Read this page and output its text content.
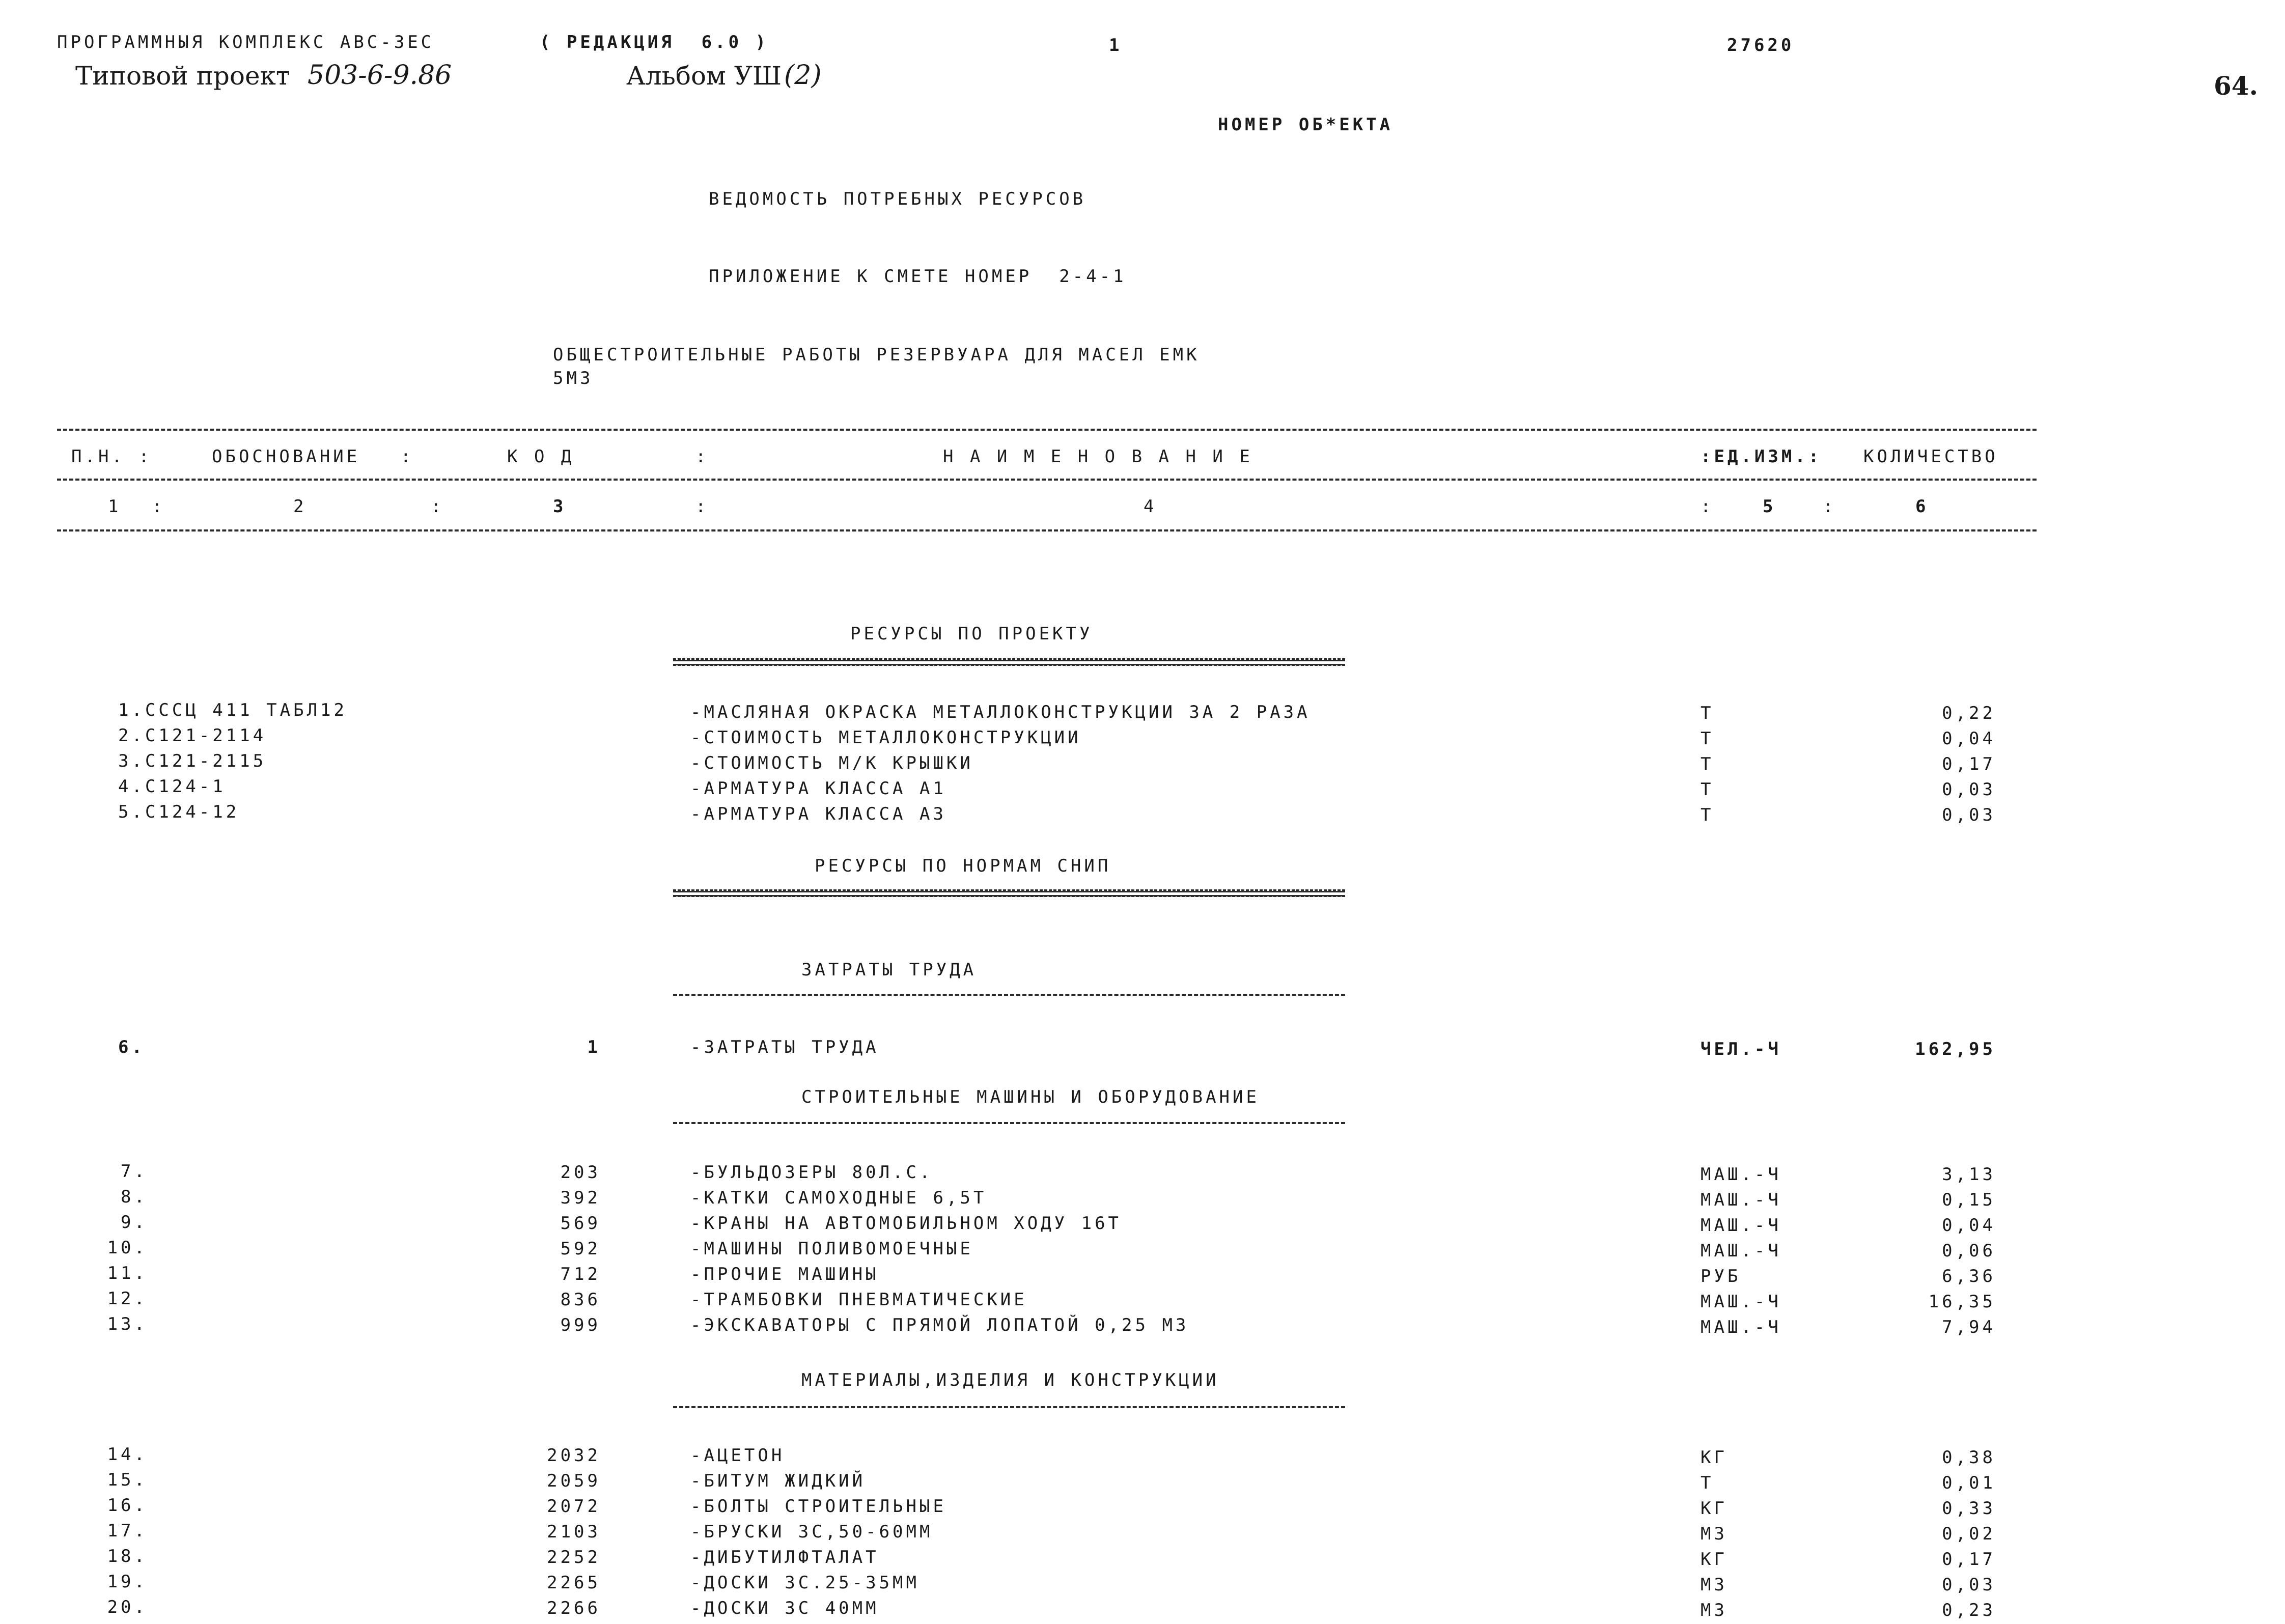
ПРОГРАММНЫЯ КОМПЛЕКС АВС-3ЕС	( РЕДАКЦИЯ  6.0 )	1	27620
64.
Типовой проект 503-6-9.86	Альбом УШ (2)
НОМЕР ОБ*ЕКТА
ВЕДОМОСТЬ ПОТРЕБНЫХ РЕСУРСОВ
ПРИЛОЖЕНИЕ К СМЕТЕ НОМЕР  2-4-1
ОБЩЕСТРОИТЕЛЬНЫЕ РАБОТЫ РЕЗЕРВУАРА ДЛЯ МАСЕЛ ЕМК
5М3
П.Н. :	ОБОСНОВАНИЕ   :	К О Д	:	Н А И М Е Н О В А Н И Е	:ЕД.ИЗМ.: КОЛИЧЕСТВО
1 :	2	:	3	:	4	:	5	:	6
РЕСУРСЫ ПО ПРОЕКТУ
1.СССЦ 411 ТАБЛ12	-МАСЛЯНАЯ ОКРАСКА МЕТАЛЛОКОНСТРУКЦИИ ЗА 2 РАЗА	Т	0,22
2.С121-2114	-СТОИМОСТЬ МЕТАЛЛОКОНСТРУКЦИИ	Т	0,04
3.С121-2115	-СТОИМОСТЬ М/К КРЫШКИ	Т	0,17
4.С124-1	-АРМАТУРА КЛАССА А1	Т	0,03
5.С124-12	-АРМАТУРА КЛАССА А3	Т	0,03
РЕСУРСЫ ПО НОРМАМ СНИП
ЗАТРАТЫ ТРУДА
6.	1	-ЗАТРАТЫ ТРУДА	ЧЕЛ.-Ч	162,95
СТРОИТЕЛЬНЫЕ МАШИНЫ И ОБОРУДОВАНИЕ
7.	203	-БУЛЬДОЗЕРЫ 80Л.С.	МАШ.-Ч	3,13
8.	392	-КАТКИ САМОХОДНЫЕ 6,5Т	МАШ.-Ч	0,15
9.	569	-КРАНЫ НА АВТОМОБИЛЬНОМ ХОДУ 16Т	МАШ.-Ч	0,04
10.	592	-МАШИНЫ ПОЛИВОМОЕЧНЫЕ	МАШ.-Ч	0,06
11.	712	-ПРОЧИЕ МАШИНЫ	РУБ	6,36
12.	836	-ТРАМБОВКИ ПНЕВМАТИЧЕСКИЕ	МАШ.-Ч	16,35
13.	999	-ЭКСКАВАТОРЫ С ПРЯМОЙ ЛОПАТОЙ 0,25 М3	МАШ.-Ч	7,94
МАТЕРИАЛЫ,ИЗДЕЛИЯ И КОНСТРУКЦИИ
14.	2032	-АЦЕТОН	КГ	0,38
15.	2059	-БИТУМ ЖИДКИЙ	Т	0,01
16.	2072	-БОЛТЫ СТРОИТЕЛЬНЫЕ	КГ	0,33
17.	2103	-БРУСКИ 3С,50-60ММ	М3	0,02
18.	2252	-ДИБУТИЛФТАЛАТ	КГ	0,17
19.	2265	-ДОСКИ 3С.25-35ММ	М3	0,03
20.	2266	-ДОСКИ 3С 40ММ	М3	0,23
